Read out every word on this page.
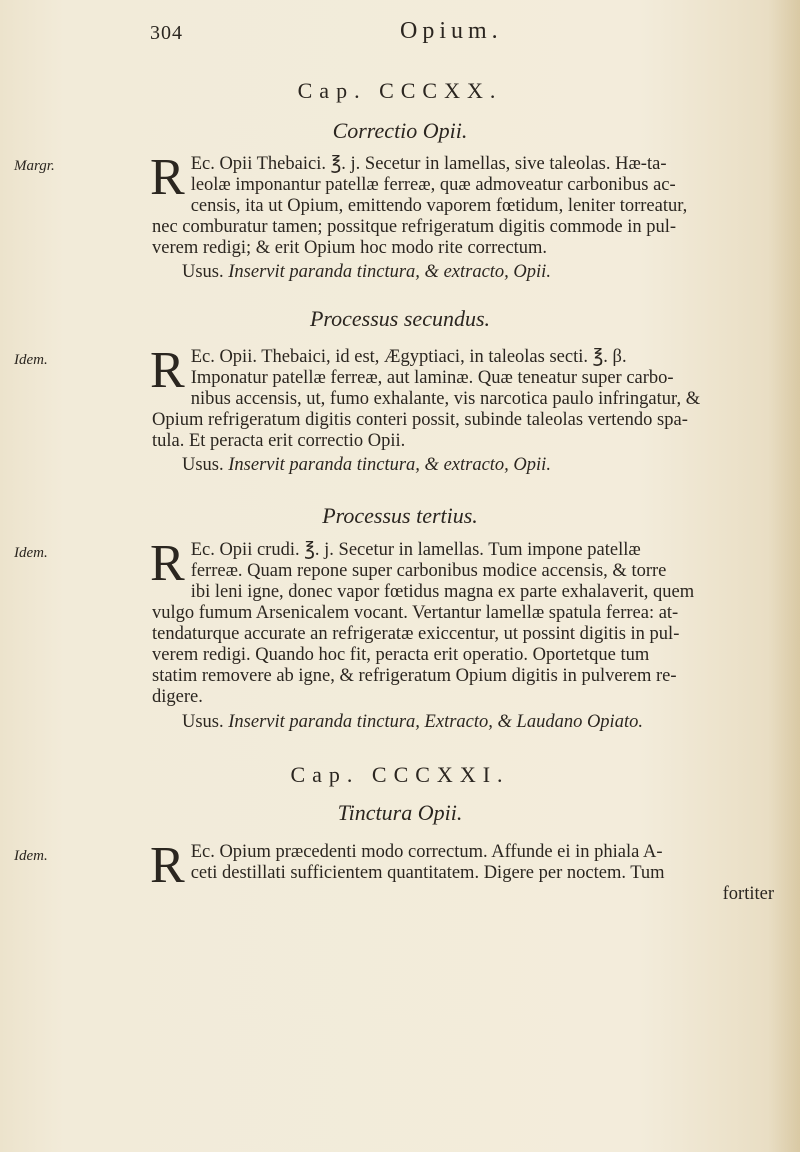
304	Opium.
Cap. CCCXX.
Correctio Opii.
Margr. R Ec. Opii Thebaici. ℥. j. Secetur in lamellas, sive taleolas. Hæ-ta-
leolæ imponantur patellæ ferreæ, quæ admoveatur carbonibus ac-
censis, ita ut Opium, emittendo vaporem fœtidum, leniter torreatur,
nec comburatur tamen; possitque refrigeratum digitis commode in pul-
verem redigi; & erit Opium hoc modo rite correctum.
Usus. Inservit paranda tinctura, & extracto, Opii.
Processus secundus.
Idem. R Ec. Opii. Thebaici, id est, Ægyptiaci, in taleolas secti. ℥. β.
Imponatur patellæ ferreæ, aut laminæ. Quæ teneatur super carbo-
nibus accensis, ut, fumo exhalante, vis narcotica paulo infringatur, &
Opium refrigeratum digitis conteri possit, subinde taleolas vertendo spa-
tula. Et peracta erit correctio Opii.
Usus. Inservit paranda tinctura, & extracto, Opii.
Processus tertius.
Idem. R Ec. Opii crudi. ℥. j. Secetur in lamellas. Tum impone patellæ
ferreæ. Quam repone super carbonibus modice accensis, & torre
ibi leni igne, donec vapor fœtidus magna ex parte exhalaverit, quem
vulgo fumum Arsenicalem vocant. Vertantur lamellæ spatula ferrea: at-
tendaturque accurate an refrigeratæ exiccentur, ut possint digitis in pul-
verem redigi. Quando hoc fit, peracta erit operatio. Oportetque tum
statim removere ab igne, & refrigeratum Opium digitis in pulverem re-
digere.
Usus. Inservit paranda tinctura, Extracto, & Laudano Opiato.
Cap. CCCXXI.
Tinctura Opii.
Idem. R Ec. Opium præcedenti modo correctum. Affunde ei in phiala A-
ceti destillati sufficientem quantitatem. Digere per noctem. Tum
fortiter
